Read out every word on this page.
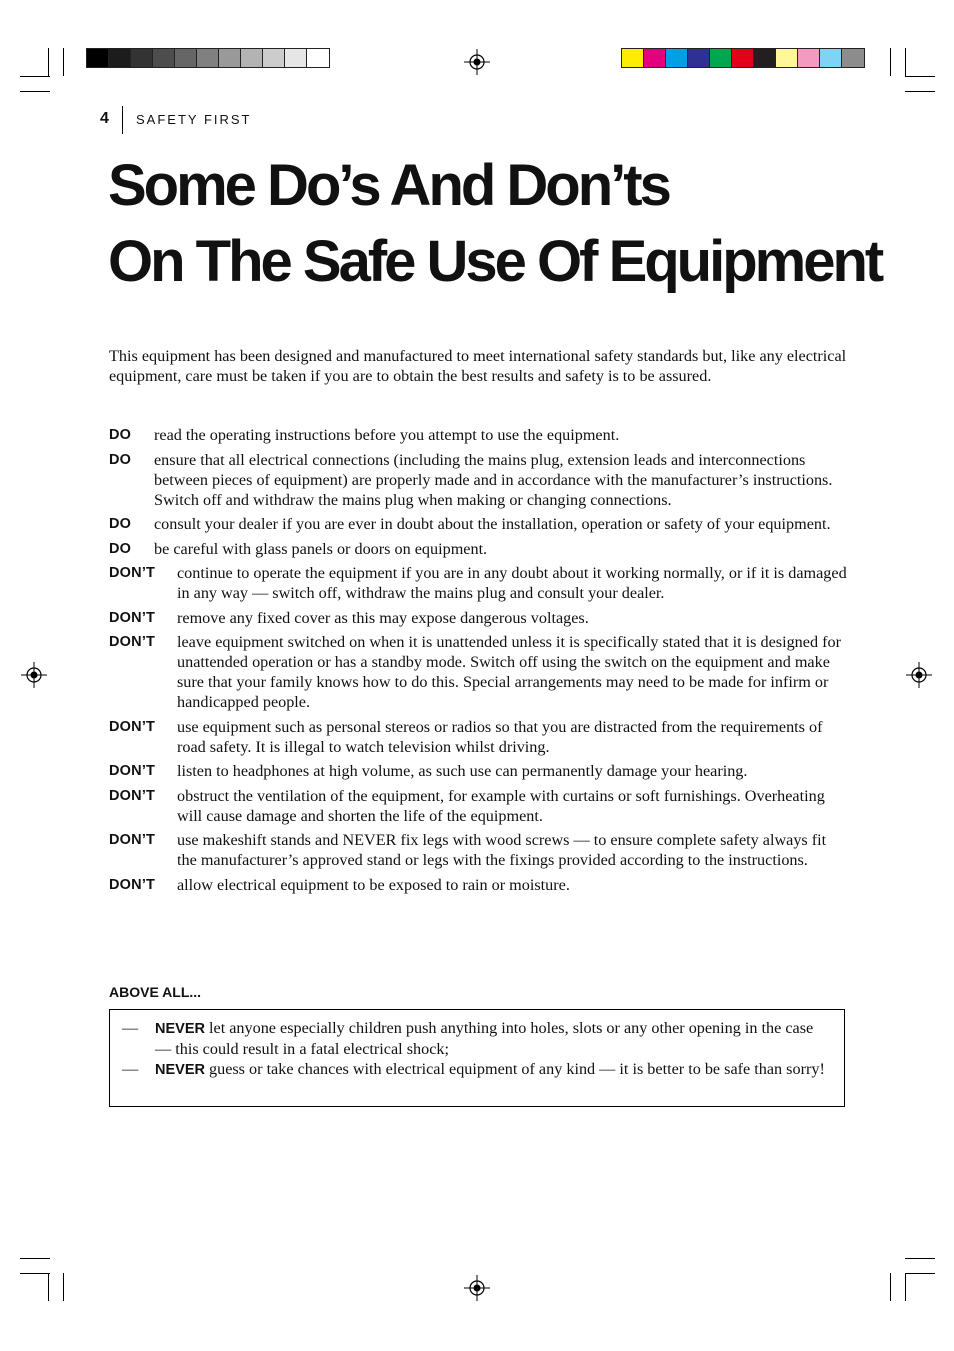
4 SAFETY FIRST
Some Do’s And Don’ts
On The Safe Use Of Equipment

This equipment has been designed and manufactured to meet international safety standards but, like any electrical equipment, care must be taken if you are to obtain the best results and safety is to be assured.

DO	read the operating instructions before you attempt to use the equipment.
DO	ensure that all electrical connections (including the mains plug, extension leads and interconnections between pieces of equipment) are properly made and in accordance with the manufacturer’s instructions. Switch off and withdraw the mains plug when making or changing connections.
DO	consult your dealer if you are ever in doubt about the installation, operation or safety of your equipment.
DO	be careful with glass panels or doors on equipment.
DON’T	continue to operate the equipment if you are in any doubt about it working normally, or if it is damaged in any way — switch off, withdraw the mains plug and consult your dealer.
DON’T	remove any fixed cover as this may expose dangerous voltages.
DON’T	leave equipment switched on when it is unattended unless it is specifically stated that it is designed for unattended operation or has a standby mode. Switch off using the switch on the equipment and make sure that your family knows how to do this. Special arrangements may need to be made for infirm or handicapped people.
DON’T	use equipment such as personal stereos or radios so that you are distracted from the requirements of road safety. It is illegal to watch television whilst driving.
DON’T	listen to headphones at high volume, as such use can permanently damage your hearing.
DON’T	obstruct the ventilation of the equipment, for example with curtains or soft furnishings. Overheating will cause damage and shorten the life of the equipment.
DON’T	use makeshift stands and NEVER fix legs with wood screws — to ensure complete safety always fit the manufacturer’s approved stand or legs with the fixings provided according to the instructions.
DON’T	allow electrical equipment to be exposed to rain or moisture.
ABOVE ALL...
—	NEVER let anyone especially children push anything into holes, slots or any other opening in the case — this could result in a fatal electrical shock;
—	NEVER guess or take chances with electrical equipment of any kind — it is better to be safe than sorry!
